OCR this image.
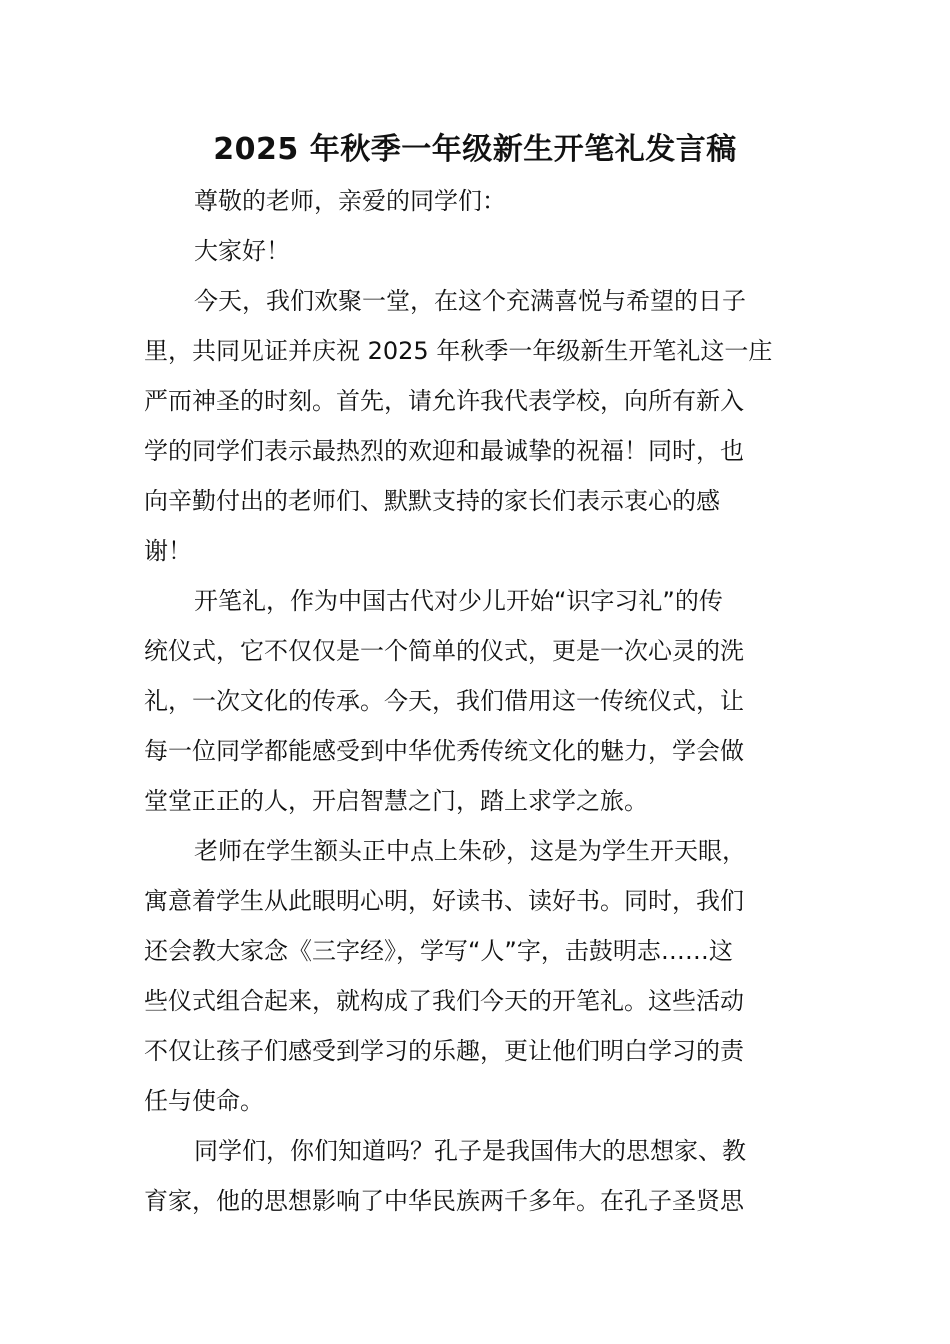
2025 年秋季一年级新生开笔礼发言稿
尊敬的老师，亲爱的同学们：
大家好！
今天，我们欢聚一堂，在这个充满喜悦与希望的日子
里，共同见证并庆祝 2025 年秋季一年级新生开笔礼这一庄
严而神圣的时刻。首先，请允许我代表学校，向所有新入
学的同学们表示最热烈的欢迎和最诚挚的祝福！同时，也
向辛勤付出的老师们、默默支持的家长们表示衷心的感
谢！
开笔礼，作为中国古代对少儿开始“识字习礼”的传
统仪式，它不仅仅是一个简单的仪式，更是一次心灵的洗
礼，一次文化的传承。今天，我们借用这一传统仪式，让
每一位同学都能感受到中华优秀传统文化的魅力，学会做
堂堂正正的人，开启智慧之门，踏上求学之旅。
老师在学生额头正中点上朱砂，这是为学生开天眼，
寓意着学生从此眼明心明，好读书、读好书。同时，我们
还会教大家念《三字经》，学写“人”字，击鼓明志……这
些仪式组合起来，就构成了我们今天的开笔礼。这些活动
不仅让孩子们感受到学习的乐趣，更让他们明白学习的责
任与使命。
同学们，你们知道吗？孔子是我国伟大的思想家、教
育家，他的思想影响了中华民族两千多年。在孔子圣贤思
